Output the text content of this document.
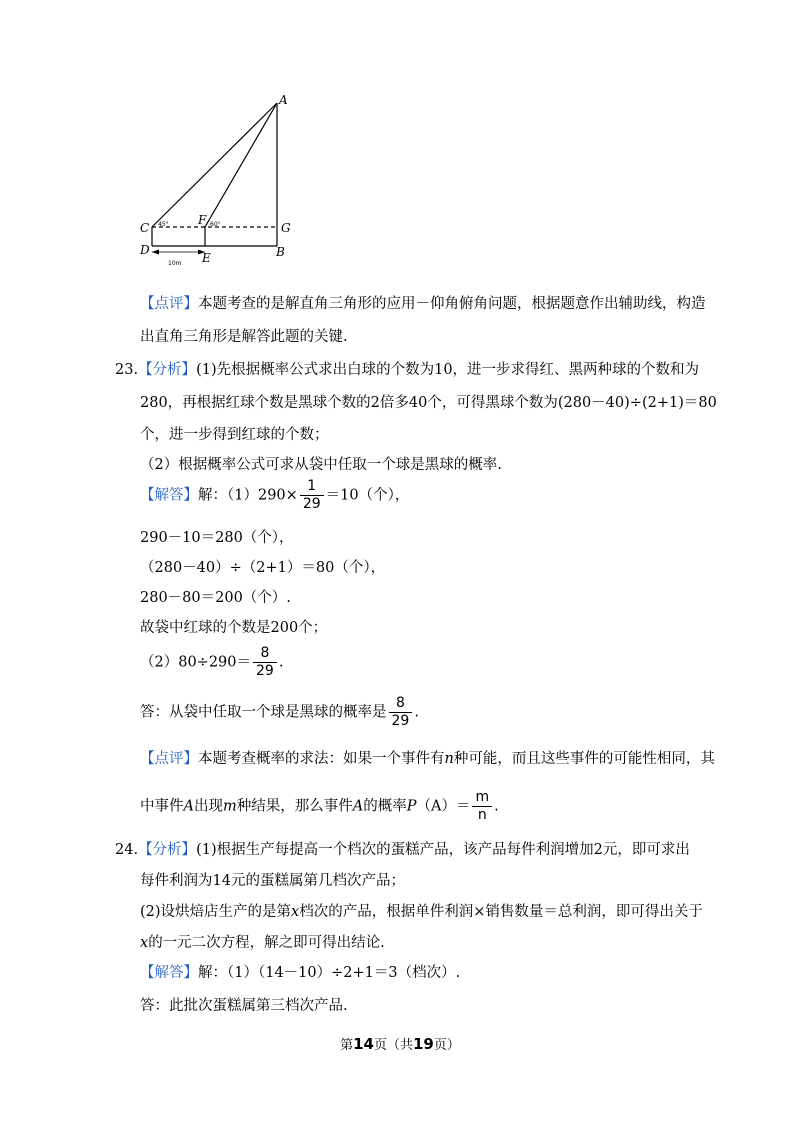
A
C
F
G
D
E	B
45°	60°
10m
【点评】本题考查的是解直角三角形的应用－仰角俯角问题，根据题意作出辅助线，构造
出直角三角形是解答此题的关键.
23.【分析】(1)先根据概率公式求出白球的个数为10，进一步求得红、黑两种球的个数和为
280，再根据红球个数是黑球个数的2倍多40个，可得黑球个数为(280－40)÷(2+1)＝80
个，进一步得到红球的个数；
（2）根据概率公式可求从袋中任取一个球是黑球的概率.
【解答】解：$(1)290\times \frac{1}{29} =10$（个），
290－10＝280（个），
（280－40）÷（2+1）＝80（个），
280－80＝200（个）.
故袋中红球的个数是200个；
$(2)80\div 290= \frac{8}{29}$ .
答：从袋中任取一个球是黑球的概率是 $\frac{8}{29}$ .
【点评】本题考查概率的求法：如果一个事件有n种可能，而且这些事件的可能性相同，其
中事件A出现m种结果，那么事件A的概率$P(A)= \frac{m}{n}$ .
24.【分析】(1)根据生产每提高一个档次的蛋糕产品，该产品每件利润增加2元，即可求出
每件利润为14元的蛋糕属第几档次产品；
(2)设烘焙店生产的是第x档次的产品，根据单件利润×销售数量＝总利润，即可得出关于
x的一元二次方程，解之即可得出结论.
【解答】解：（1）（14－10）÷2+1＝3（档次）.
答：此批次蛋糕属第三档次产品.
第14页（共19页）
